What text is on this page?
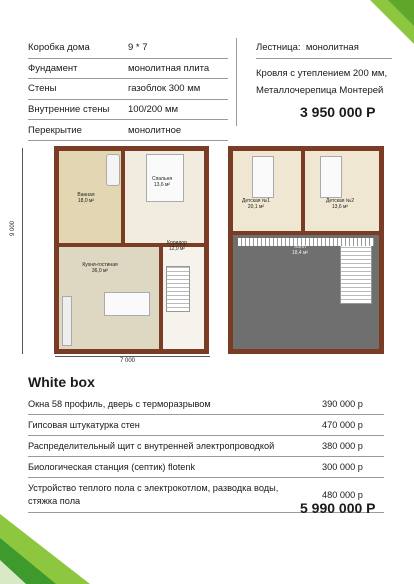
Коробка дома	9 * 7
Фундамент	монолитная плита
Стены	газоблок 300 мм
Внутренние стены	100/200 мм
Перекрытие	монолитное
Лестница:
монолитная
Кровля с утеплением 200 мм,
Металлочерепица Монтерей
3 950 000 Р
9 000
7 000
Ванная
18,0 м²
Спальня
13,6 м²
Кухня-гостиная
36,0 м²
Коридор
12,0 м²
Детская №1
20,1 м²
Детская №2
13,6 м²
Холл
18,4 м²
White box
Окна 58 профиль, дверь с терморазрывом	390 000 р
Гипсовая штукатурка стен	470 000 р
Распределительный щит с внутренней электропроводкой	380 000 р
Биологическая станция (септик) flotenk	300 000 р
Устройство теплого пола с электрокотлом, разводка воды, стяжка пола
480 000 р
5 990 000 Р
